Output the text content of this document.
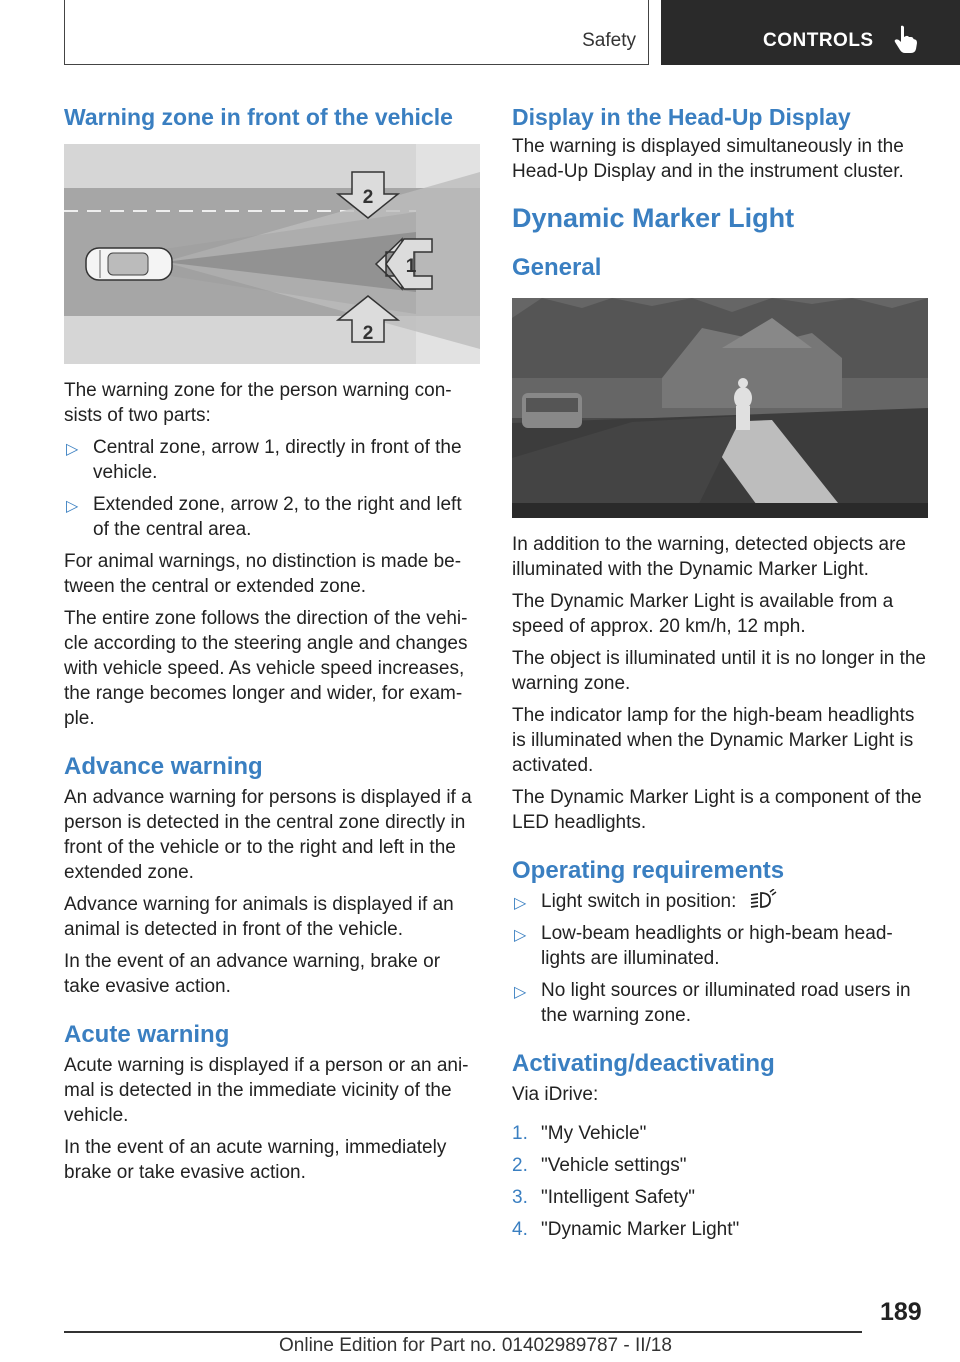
Safety	CONTROLS
Warning zone in front of the vehicle
2
1
2

The warning zone for the person warning con-sists of two parts:

▷ Central zone, arrow 1, directly in front of the vehicle.
▷ Extended zone, arrow 2, to the right and left of the central area.

For animal warnings, no distinction is made be-tween the central or extended zone.

The entire zone follows the direction of the vehi-cle according to the steering angle and changes with vehicle speed. As vehicle speed increases, the range becomes longer and wider, for exam-ple.

Advance warning

An advance warning for persons is displayed if a person is detected in the central zone directly in front of the vehicle or to the right and left in the extended zone.

Advance warning for animals is displayed if an animal is detected in front of the vehicle.

In the event of an advance warning, brake or take evasive action.

Acute warning

Acute warning is displayed if a person or an ani-mal is detected in the immediate vicinity of the vehicle.

In the event of an acute warning, immediately brake or take evasive action.

Display in the Head-Up Display

The warning is displayed simultaneously in the Head-Up Display and in the instrument cluster.

Dynamic Marker Light
General

In addition to the warning, detected objects are illuminated with the Dynamic Marker Light.

The Dynamic Marker Light is available from a speed of approx. 20 km/h, 12 mph.

The object is illuminated until it is no longer in the warning zone.

The indicator lamp for the high-beam headlights is illuminated when the Dynamic Marker Light is activated.

The Dynamic Marker Light is a component of the LED headlights.

Operating requirements
▷ Light switch in position:
▷ Low-beam headlights or high-beam head-lights are illuminated.
▷ No light sources or illuminated road users in the warning zone.
Activating/deactivating

Via iDrive:

1. "My Vehicle"
2. "Vehicle settings"
3. "Intelligent Safety"
4. "Dynamic Marker Light"
189
Online Edition for Part no. 01402989787 - II/18
